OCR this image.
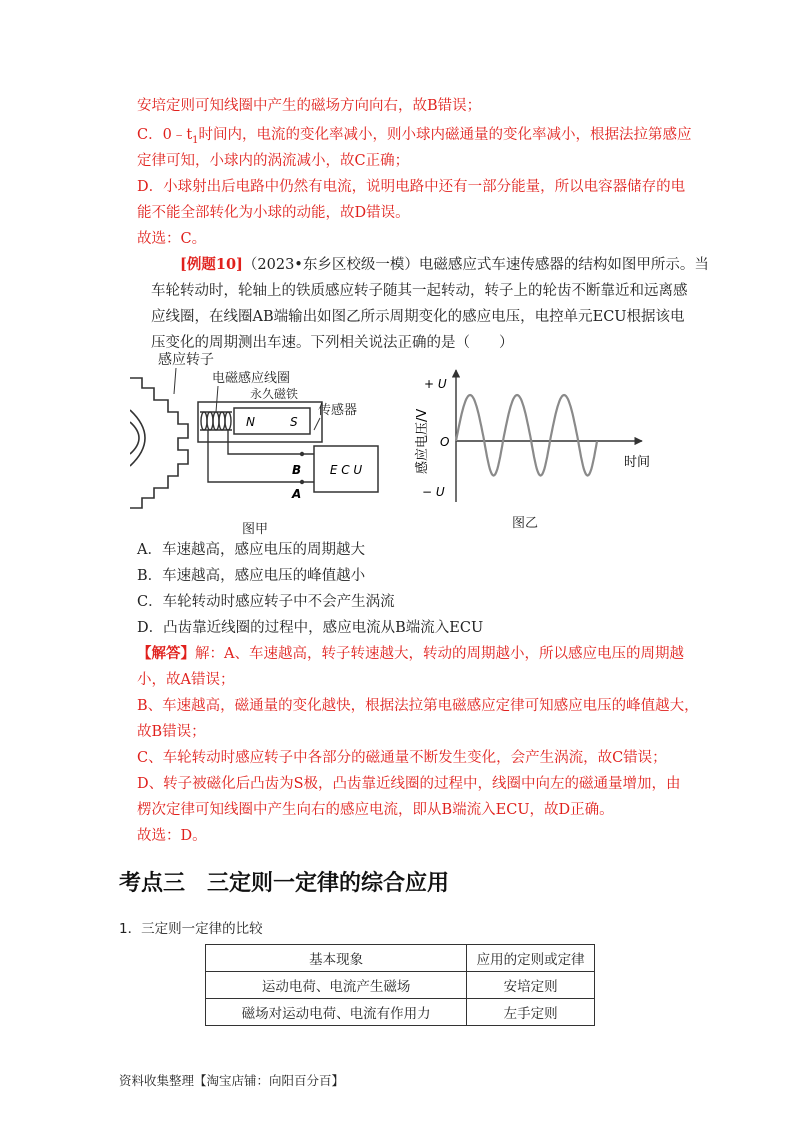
安培定则可知线圈中产生的磁场方向向右，故B错误；
C．$0﹣t_1$时间内，电流的变化率减小，则小球内磁通量的变化率减小，根据法拉第感应
定律可知，小球内的涡流减小，故C正确；
D．小球射出后电路中仍然有电流，说明电路中还有一部分能量，所以电容器储存的电
能不能全部转化为小球的动能，故D错误。
故选：C。
[例题10]（2023•东乡区校级一模）电磁感应式车速传感器的结构如图甲所示。当
车轮转动时，轮轴上的铁质感应转子随其一起转动，转子上的轮齿不断靠近和远离感
应线圈，在线圈AB端输出如图乙所示周期变化的感应电压，电控单元ECU根据该电
压变化的周期测出车速。下列相关说法正确的是（　　）
N	S
感应转子
电磁感应线圈
永久磁铁
传感器
B
A
E C U
图甲
+ U
− U
O
时间
感应电压/V
图乙
A．车速越高，感应电压的周期越大
B．车速越高，感应电压的峰值越小
C．车轮转动时感应转子中不会产生涡流
D．凸齿靠近线圈的过程中，感应电流从B端流入ECU
【解答】解：A、车速越高，转子转速越大，转动的周期越小，所以感应电压的周期越
小，故A错误；
B、车速越高，磁通量的变化越快，根据法拉第电磁感应定律可知感应电压的峰值越大，
故B错误；
C、车轮转动时感应转子中各部分的磁通量不断发生变化，会产生涡流，故C错误；
D、转子被磁化后凸齿为S极，凸齿靠近线圈的过程中，线圈中向左的磁通量增加，由
楞次定律可知线圈中产生向右的感应电流，即从B端流入ECU，故D正确。
故选：D。
考点三　三定则一定律的综合应用
1．三定则一定律的比较
基本现象	应用的定则或定律
运动电荷、电流产生磁场	安培定则
磁场对运动电荷、电流有作用力	左手定则
资料收集整理【淘宝店铺：向阳百分百】
